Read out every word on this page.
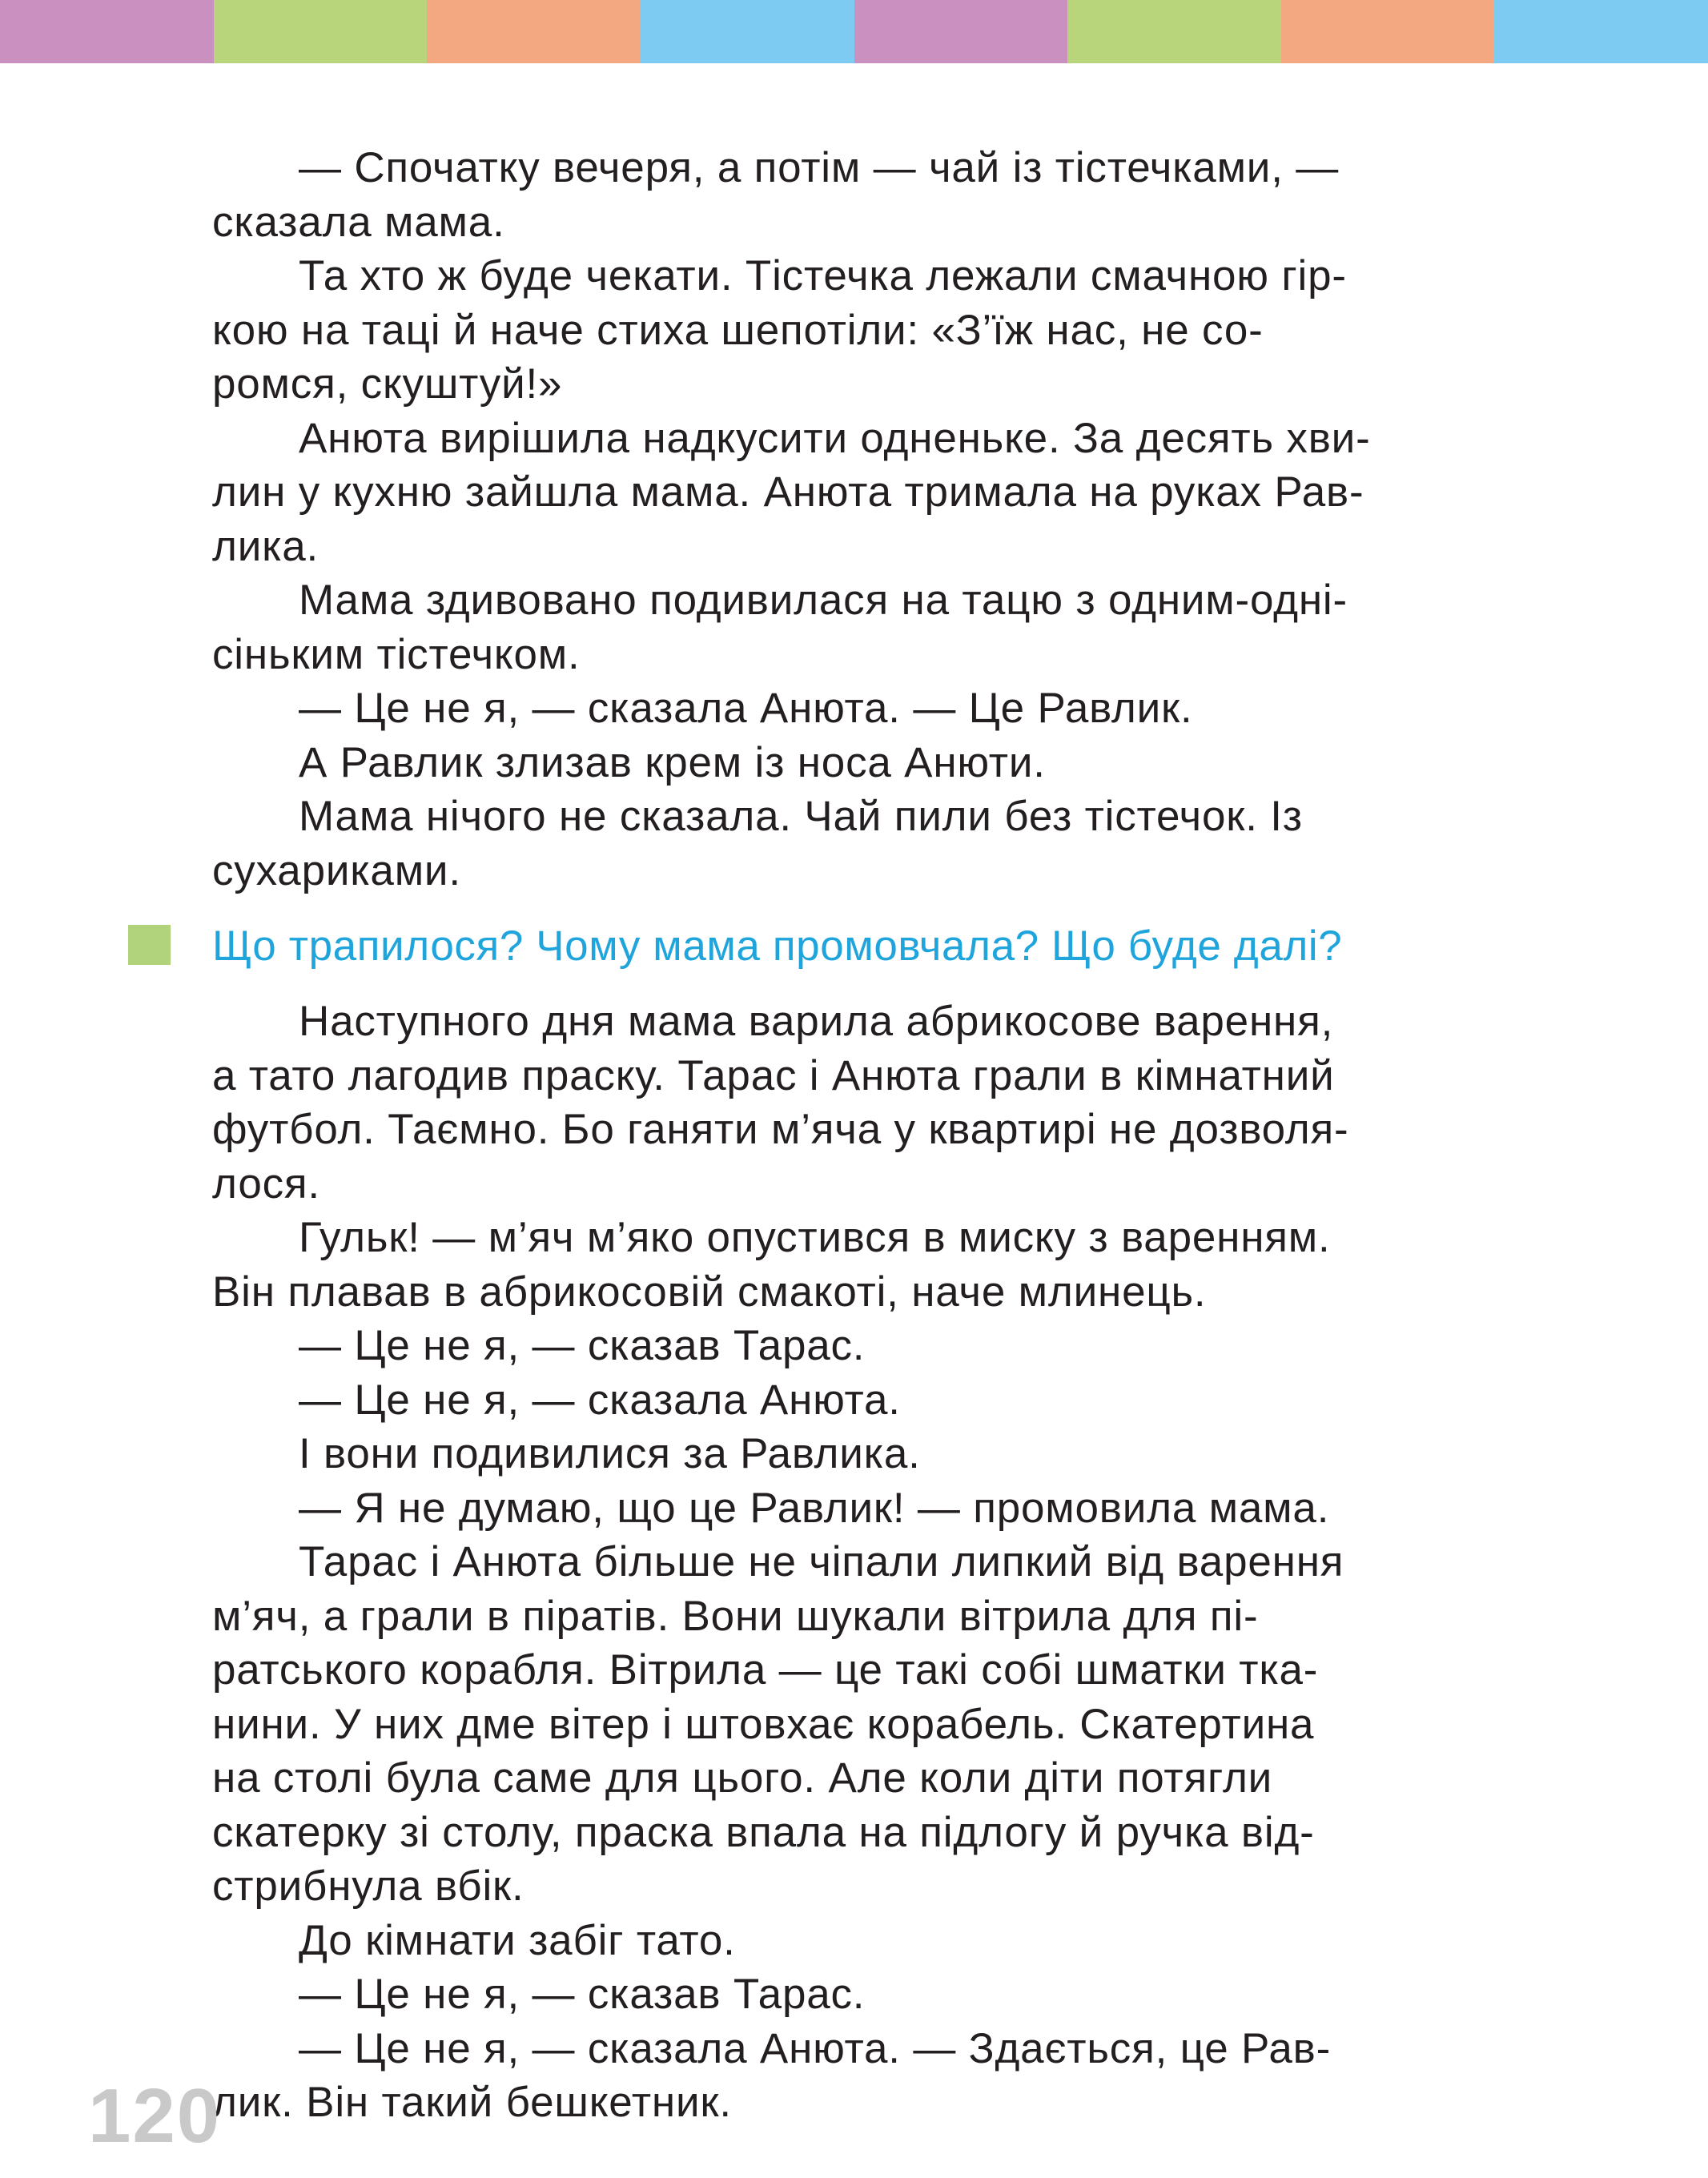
— Спочатку вечеря, а потім — чай із тістечками, —
сказала мама.
Та хто ж буде чекати. Тістечка лежали смачною гір-
кою на таці й наче стиха шепотіли: «З’їж нас, не со-
ромся, скуштуй!»
Анюта вирішила надкусити одненьке. За десять хви-
лин у кухню зайшла мама. Анюта тримала на руках Рав-
лика.
Мама здивовано подивилася на тацю з одним-одні-
сіньким тістечком.
— Це не я, — сказала Анюта. — Це Равлик.
А Равлик злизав крем із носа Анюти.
Мама нічого не сказала. Чай пили без тістечок. Із
сухариками.
Що трапилося? Чому мама промовчала? Що буде далі?
Наступного дня мама варила абрикосове варення,
а тато лагодив праску. Тарас і Анюта грали в кімнатний
футбол. Таємно. Бо ганяти м’яча у квартирі не дозволя-
лося.
Гульк! — м’яч м’яко опустився в миску з варенням.
Він плавав в абрикосовій смакоті, наче млинець.
— Це не я, — сказав Тарас.
— Це не я, — сказала Анюта.
І вони подивилися за Равлика.
— Я не думаю, що це Равлик! — промовила мама.
Тарас і Анюта більше не чіпали липкий від варення
м’яч, а грали в піратів. Вони шукали вітрила для пі-
ратського корабля. Вітрила — це такі собі шматки тка-
нини. У них дме вітер і штовхає корабель. Скатертина
на столі була саме для цього. Але коли діти потягли
скатерку зі столу, праска впала на підлогу й ручка від-
стрибнула вбік.
До кімнати забіг тато.
— Це не я, — сказав Тарас.
— Це не я, — сказала Анюта. — Здається, це Рав-
лик. Він такий бешкетник.
120
